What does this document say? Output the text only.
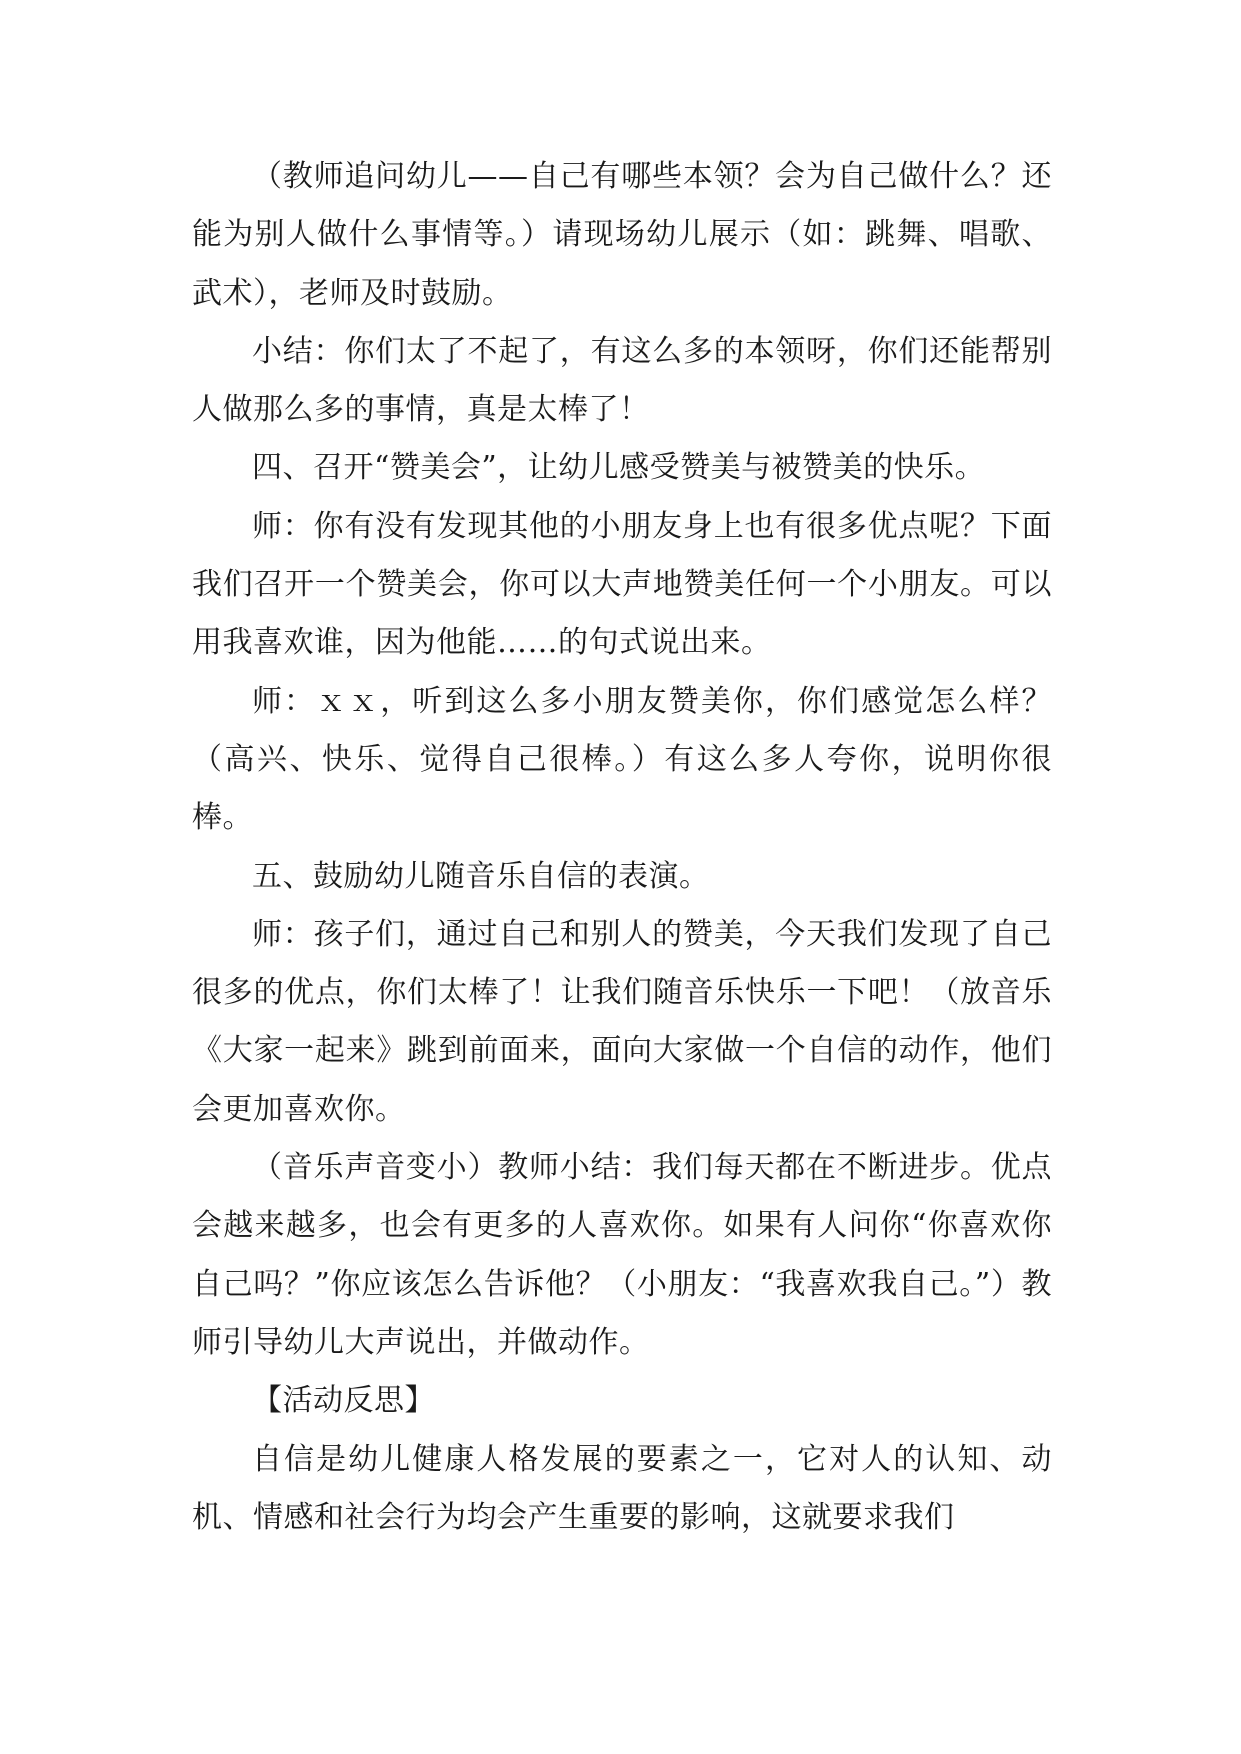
（教师追问幼儿——自己有哪些本领？会为自己做什么？还能为别人做什么事情等。）请现场幼儿展示（如：跳舞、唱歌、武术），老师及时鼓励。

小结：你们太了不起了，有这么多的本领呀，你们还能帮别人做那么多的事情，真是太棒了！

四、召开“赞美会”，让幼儿感受赞美与被赞美的快乐。

师：你有没有发现其他的小朋友身上也有很多优点呢？下面我们召开一个赞美会，你可以大声地赞美任何一个小朋友。可以用我喜欢谁，因为他能……的句式说出来。

师：ｘｘ，听到这么多小朋友赞美你，你们感觉怎么样？（高兴、快乐、觉得自己很棒。）有这么多人夸你，说明你很棒。

五、鼓励幼儿随音乐自信的表演。

师：孩子们，通过自己和别人的赞美，今天我们发现了自己很多的优点，你们太棒了！让我们随音乐快乐一下吧！（放音乐《大家一起来》跳到前面来，面向大家做一个自信的动作，他们会更加喜欢你。

（音乐声音变小）教师小结：我们每天都在不断进步。优点会越来越多，也会有更多的人喜欢你。如果有人问你“你喜欢你自己吗？”你应该怎么告诉他？（小朋友：“我喜欢我自己。”）教师引导幼儿大声说出，并做动作。

【活动反思】

自信是幼儿健康人格发展的要素之一，它对人的认知、动机、情感和社会行为均会产生重要的影响，这就要求我们
